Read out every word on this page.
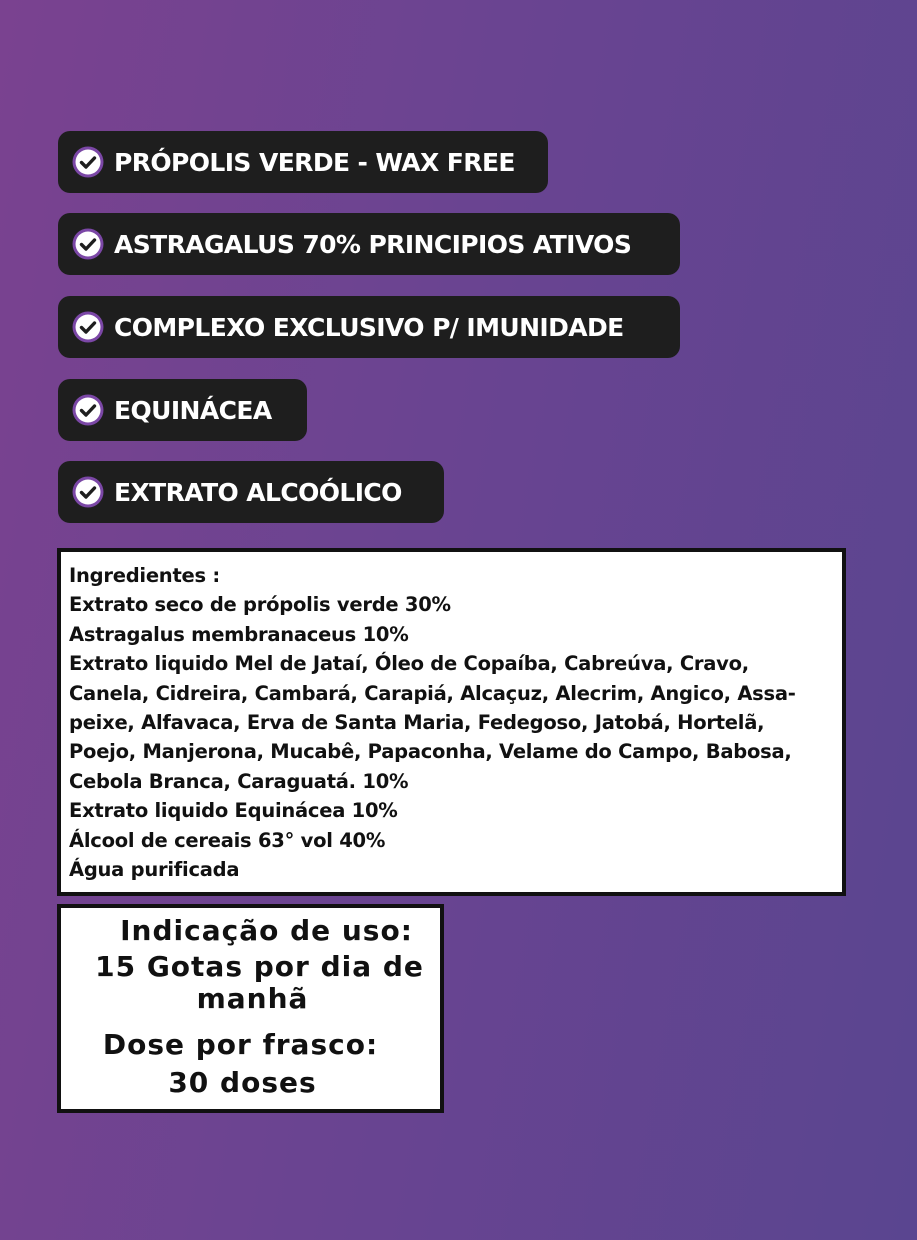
PRÓPOLIS VERDE - WAX FREE
ASTRAGALUS 70% PRINCIPIOS ATIVOS
COMPLEXO EXCLUSIVO P/ IMUNIDADE
EQUINÁCEA
EXTRATO ALCOÓLICO

Ingredientes :

Extrato seco de própolis verde 30%

Astragalus membranaceus 10%

Extrato liquido Mel de Jataí, Óleo de Copaíba, Cabreúva, Cravo,

Canela, Cidreira, Cambará, Carapiá, Alcaçuz, Alecrim, Angico, Assa-

peixe, Alfavaca, Erva de Santa Maria, Fedegoso, Jatobá, Hortelã,

Poejo, Manjerona, Mucabê, Papaconha, Velame do Campo, Babosa,

Cebola Branca, Caraguatá. 10%

Extrato liquido Equinácea 10%

Álcool de cereais 63° vol 40%

Água purificada

Indicação de uso:
15 Gotas por dia de
manhã
Dose por frasco:
30 doses
